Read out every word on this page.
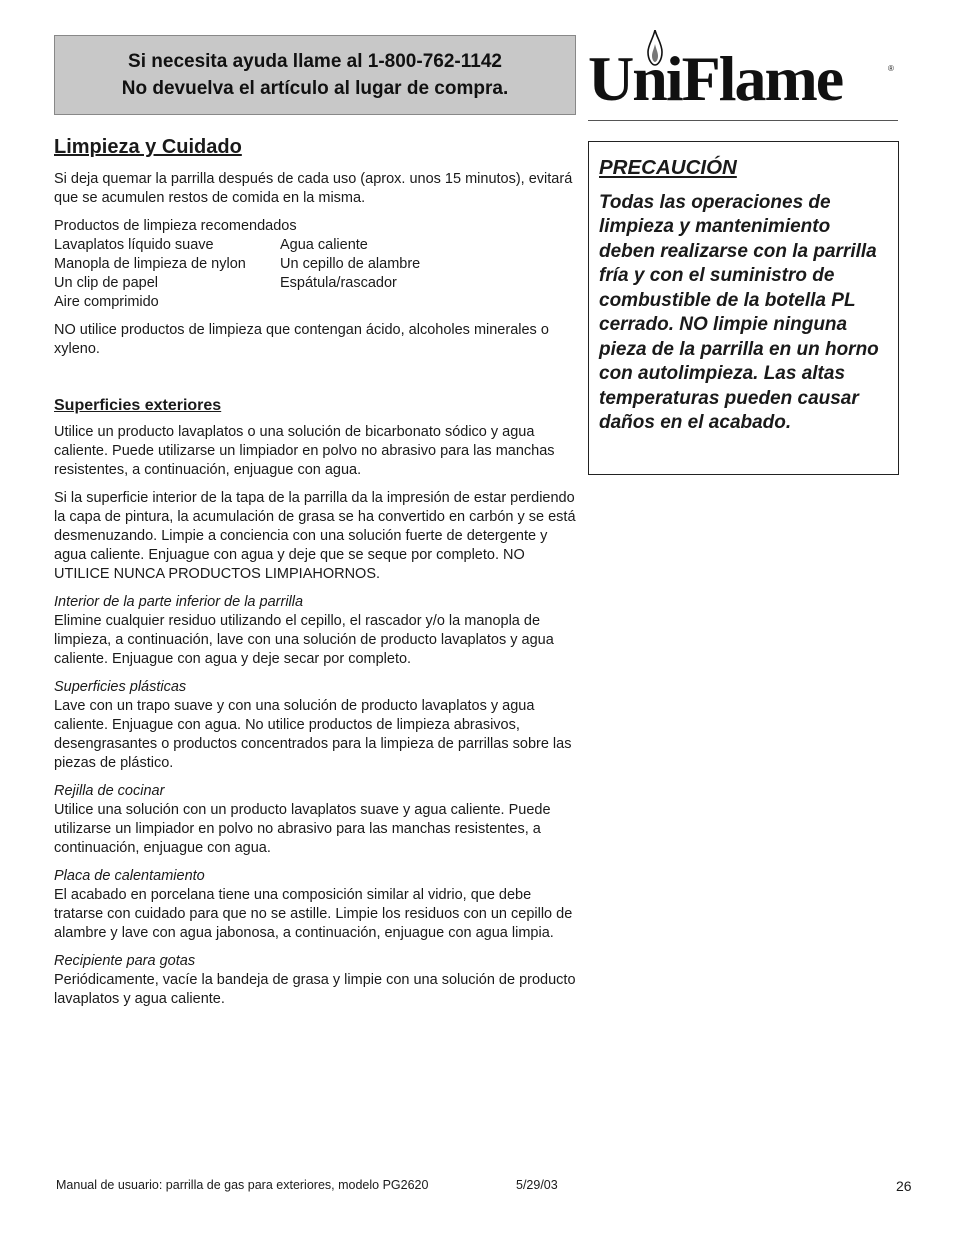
Si necesita ayuda llame al 1-800-762-1142
No devuelva el artículo al lugar de compra. UniFlame	®
Limpieza y Cuidado

Si deja quemar la parrilla después de cada uso (aprox. unos 15 minutos), evitará que se acumulen restos de comida en la misma.

Productos de limpieza recomendados
Lavaplatos líquido suave	Agua caliente
Manopla de limpieza de nylon	Un cepillo de alambre
Un clip de papel	Espátula/rascador
Aire comprimido

NO utilice productos de limpieza que contengan ácido, alcoholes minerales o xyleno.

Superficies exteriores

Utilice un producto lavaplatos o una solución de bicarbonato sódico y agua caliente. Puede utilizarse un limpiador en polvo no abrasivo para las manchas resistentes, a continuación, enjuague con agua.

Si la superficie interior de la tapa de la parrilla da la impresión de estar perdiendo la capa de pintura, la acumulación de grasa se ha convertido en carbón y se está desmenuzando. Limpie a conciencia con una solución fuerte de detergente y agua caliente. Enjuague con agua y deje que se seque por completo. NO UTILICE NUNCA PRODUCTOS LIMPIAHORNOS.

Interior de la parte inferior de la parrilla
Elimine cualquier residuo utilizando el cepillo, el rascador y/o la manopla de limpieza, a continuación, lave con una solución de producto lavaplatos y agua caliente. Enjuague con agua y deje secar por completo.
Superficies plásticas
Lave con un trapo suave y con una solución de producto lavaplatos y agua caliente. Enjuague con agua. No utilice productos de limpieza abrasivos, desengrasantes o productos concentrados para la limpieza de parrillas sobre las piezas de plástico.
Rejilla de cocinar
Utilice una solución con un producto lavaplatos suave y agua caliente. Puede utilizarse un limpiador en polvo no abrasivo para las manchas resistentes, a continuación, enjuague con agua.
Placa de calentamiento
El acabado en porcelana tiene una composición similar al vidrio, que debe tratarse con cuidado para que no se astille. Limpie los residuos con un cepillo de alambre y lave con agua jabonosa, a continuación, enjuague con agua limpia.
Recipiente para gotas
Periódicamente, vacíe la bandeja de grasa y limpie con una solución de producto lavaplatos y agua caliente.
PRECAUCIÓN
Todas las operaciones de limpieza y mantenimiento deben realizarse con la parrilla fría y con el suministro de combustible de la botella PL cerrado. NO limpie ninguna pieza de la parrilla en un horno con autolimpieza. Las altas temperaturas pueden causar daños en el acabado.
Manual de usuario: parrilla de gas para exteriores, modelo PG2620	5/29/03	26
